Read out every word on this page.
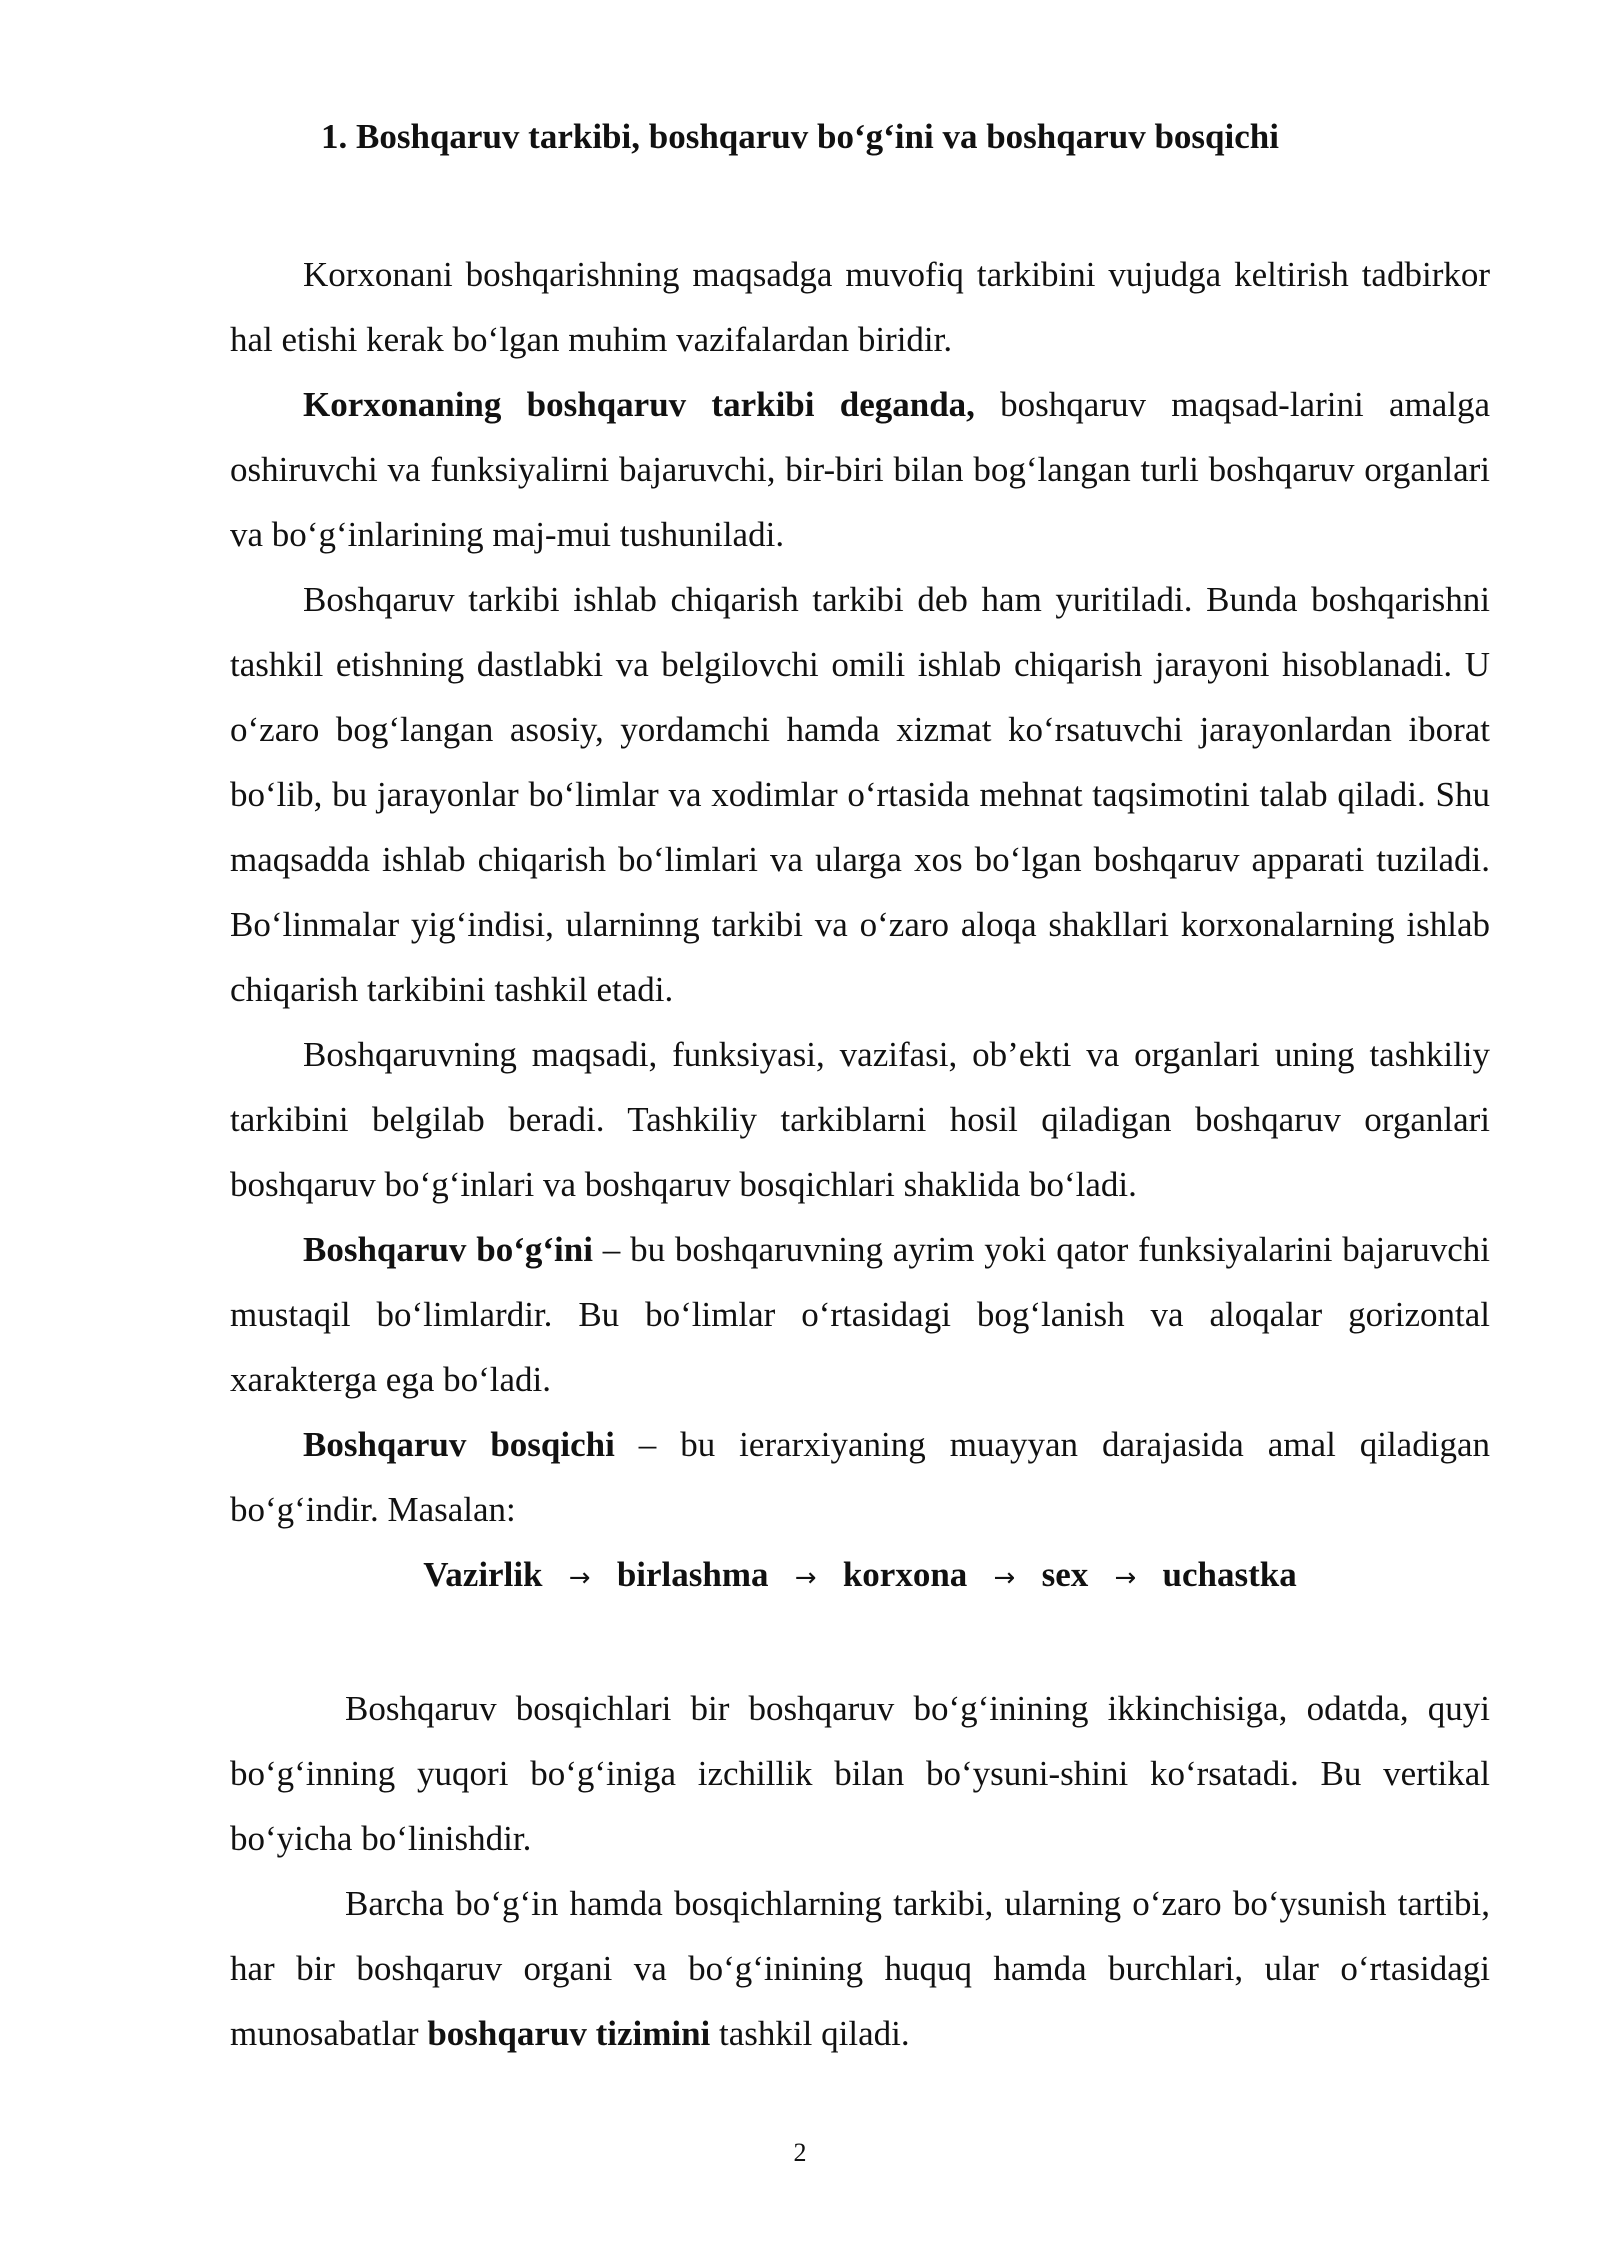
1. Boshqaruv tarkibi, boshqaruv bo‘g‘ini va boshqaruv bosqichi

Korxonani boshqarishning maqsadga muvofiq tarkibini vujudga keltirish tadbirkor hal etishi kerak bo‘lgan muhim vazifalardan biridir.

Korxonaning boshqaruv tarkibi deganda, boshqaruv maqsad-larini amalga oshiruvchi va funksiyalirni bajaruvchi, bir-biri bilan bog‘langan turli boshqaruv organlari va bo‘g‘inlarining maj-mui tushuniladi.

Boshqaruv tarkibi ishlab chiqarish tarkibi deb ham yuritiladi. Bunda boshqarishni tashkil etishning dastlabki va belgilovchi omili ishlab chiqarish jarayoni hisoblanadi. U o‘zaro bog‘langan asosiy, yordamchi hamda xizmat ko‘rsatuvchi jarayonlardan iborat bo‘lib, bu jarayonlar bo‘limlar va xodimlar o‘rtasida mehnat taqsimotini talab qiladi. Shu maqsadda ishlab chiqarish bo‘limlari va ularga xos bo‘lgan boshqaruv apparati tuziladi. Bo‘linmalar yig‘indisi, ularninng tarkibi va o‘zaro aloqa shakllari korxonalarning ishlab chiqarish tarkibini tashkil etadi.

Boshqaruvning maqsadi, funksiyasi, vazifasi, ob’ekti va organlari uning tashkiliy tarkibini belgilab beradi. Tashkiliy tarkiblarni hosil qiladigan boshqaruv organlari boshqaruv bo‘g‘inlari va boshqaruv bosqichlari shaklida bo‘ladi.

Boshqaruv bo‘g‘ini – bu boshqaruvning ayrim yoki qator funksiyalarini bajaruvchi mustaqil bo‘limlardir. Bu bo‘limlar o‘rtasidagi bog‘lanish va aloqalar gorizontal xarakterga ega bo‘ladi.

Boshqaruv bosqichi – bu ierarxiyaning muayyan darajasida amal qiladigan bo‘g‘indir. Masalan:

Vazirlik → birlashma → korxona → sex → uchastka

Boshqaruv bosqichlari bir boshqaruv bo‘g‘inining ikkinchisiga, odatda, quyi bo‘g‘inning yuqori bo‘g‘iniga izchillik bilan bo‘ysuni-shini ko‘rsatadi. Bu vertikal bo‘yicha bo‘linishdir.

Barcha bo‘g‘in hamda bosqichlarning tarkibi, ularning o‘zaro bo‘ysunish tartibi, har bir boshqaruv organi va bo‘g‘inining huquq hamda burchlari, ular o‘rtasidagi munosabatlar boshqaruv tizimini tashkil qiladi.

2
